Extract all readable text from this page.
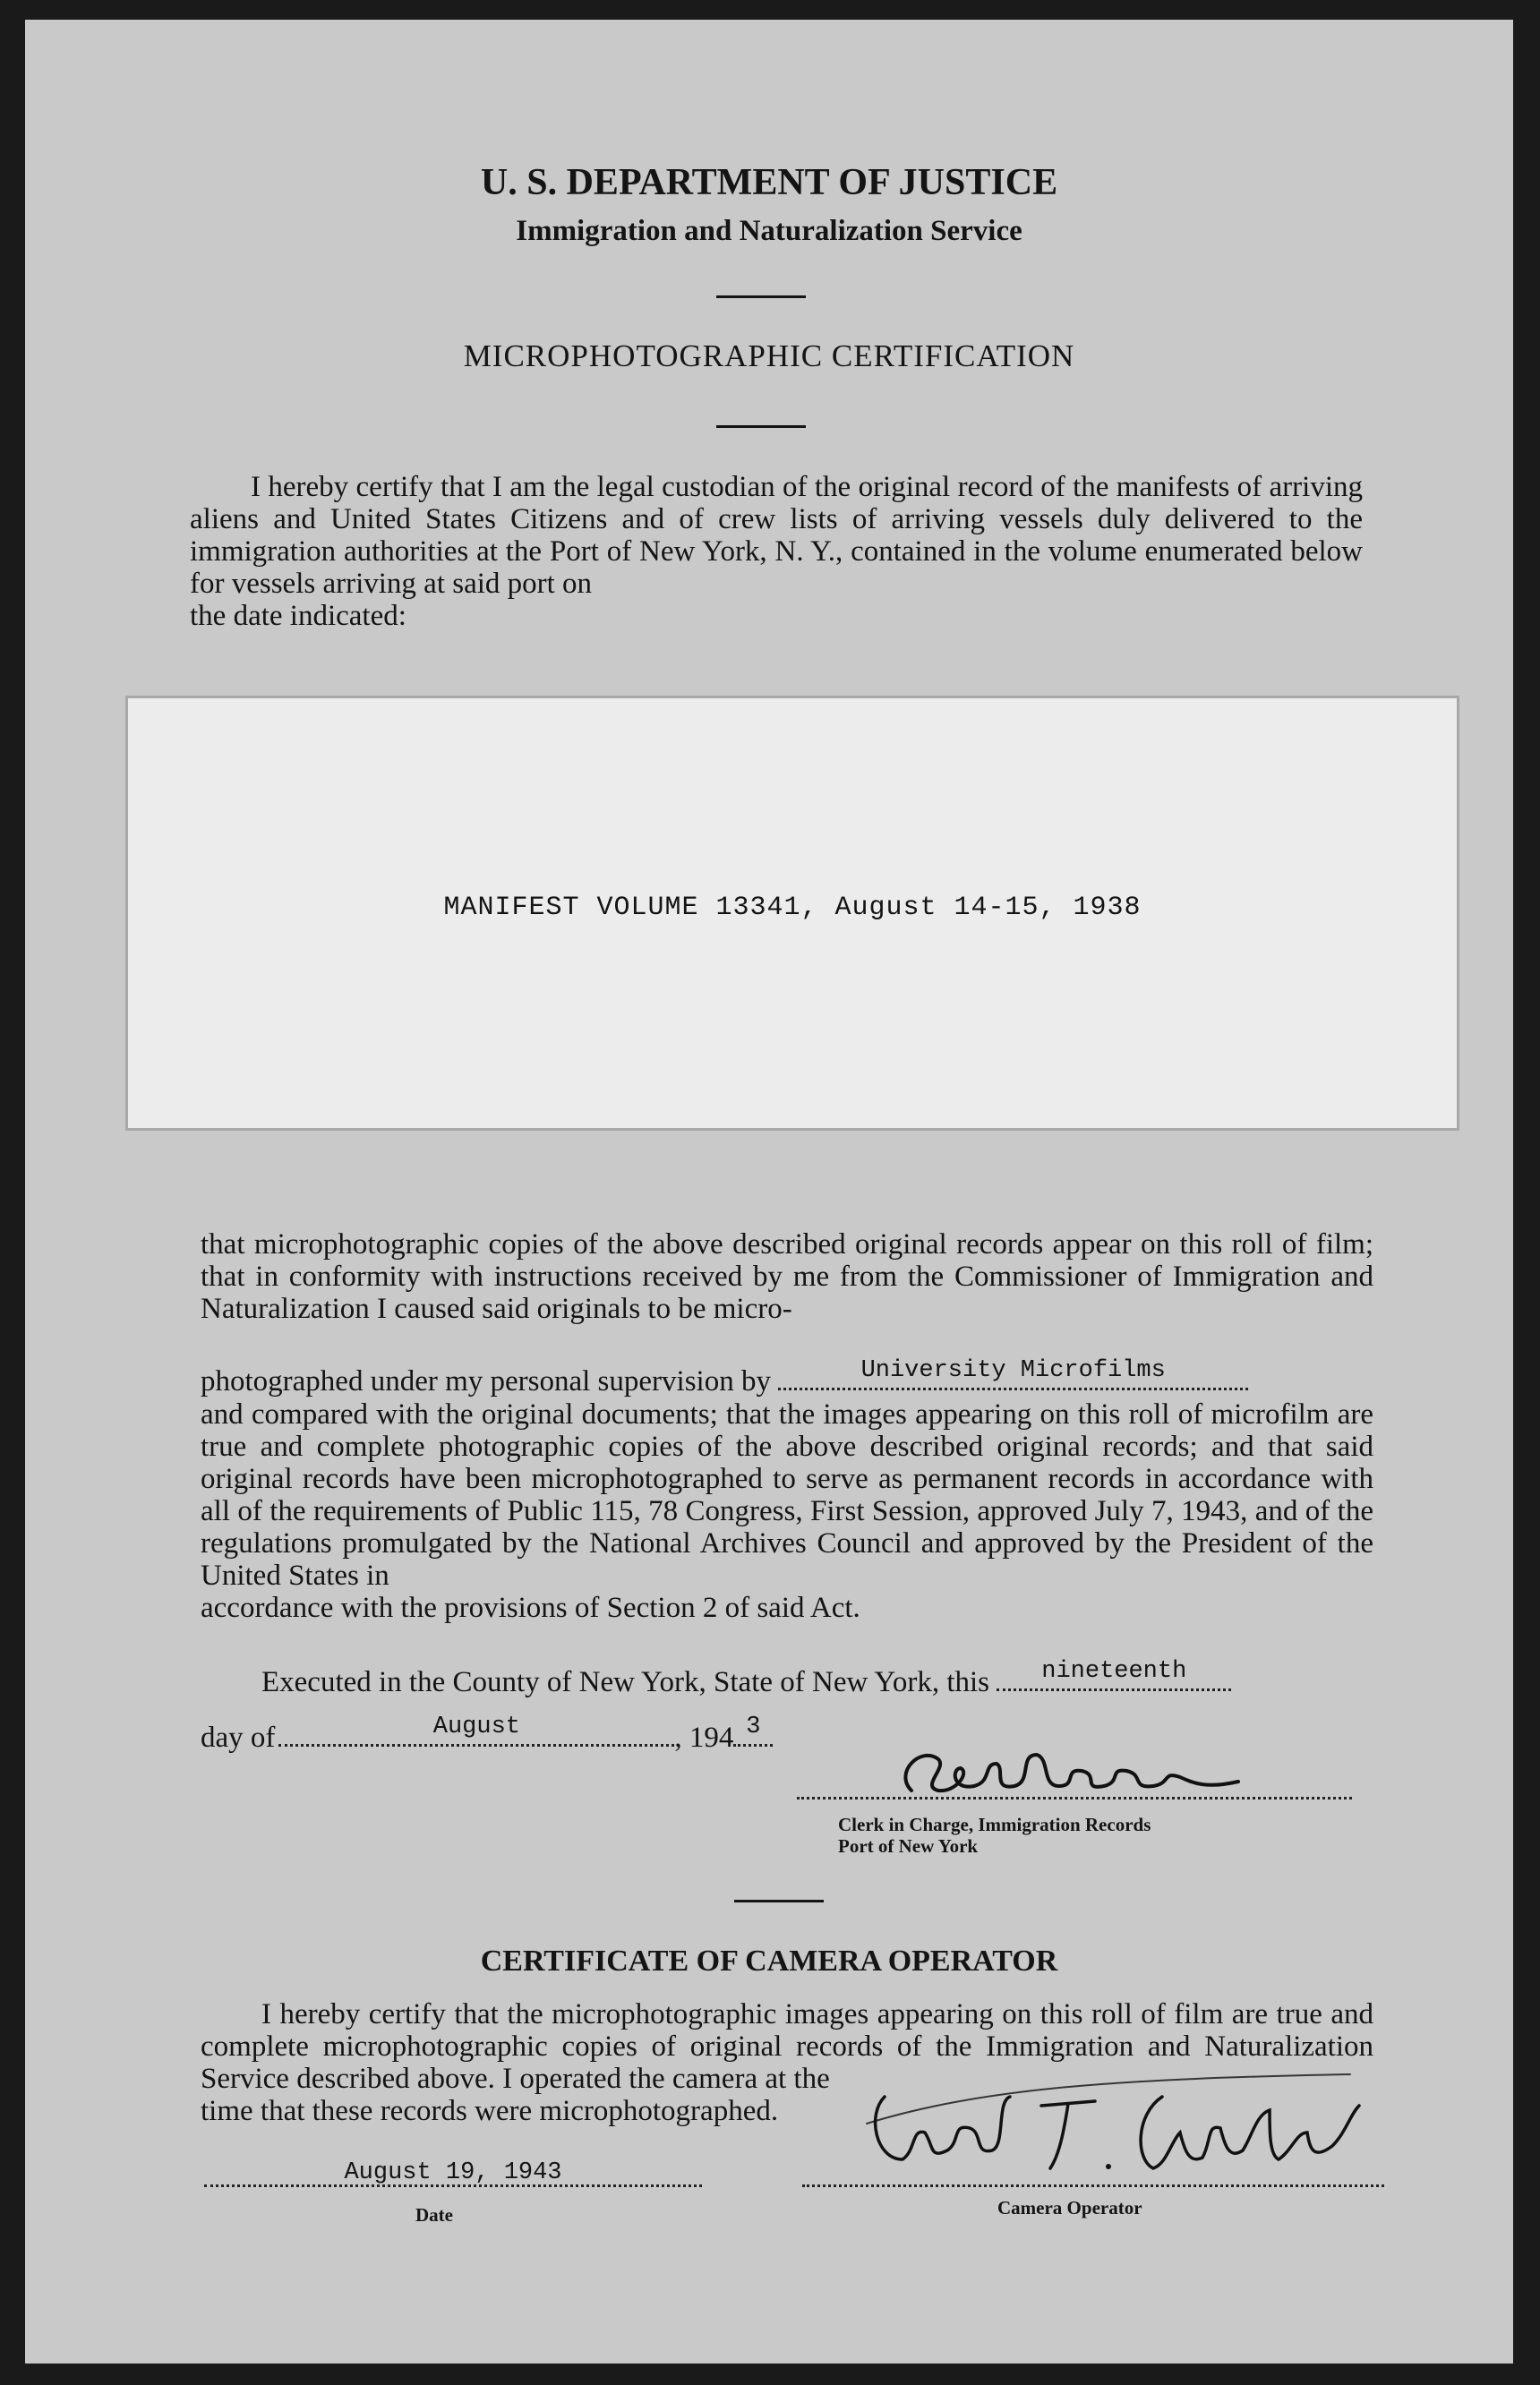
U. S. DEPARTMENT OF JUSTICE
Immigration and Naturalization Service
MICROPHOTOGRAPHIC CERTIFICATION
I hereby certify that I am the legal custodian of the original record of the manifests of arriving aliens and United States Citizens and of crew lists of arriving vessels duly delivered to the immigration authorities at the Port of New York, N. Y., contained in the volume enumerated below for vessels arriving at said port on
the date indicated:
MANIFEST VOLUME 13341, August 14-15, 1938
that microphotographic copies of the above described original records appear on this roll of film; that in conformity with instructions received by me from the Commissioner of Immigration and Naturalization I caused said originals to be micro-
photographed under my personal supervision by	University Microfilms
and compared with the original documents; that the images appearing on this roll of microfilm are true and complete photographic copies of the above described original records; and that said original records have been microphotographed to serve as permanent records in accordance with all of the requirements of Public 115, 78 Congress, First Session, approved July 7, 1943, and of the regulations promulgated by the National Archives Council and approved by the President of the United States in
accordance with the provisions of Section 2 of said Act.
Executed in the County of New York, State of New York, this	nineteenth
day of	August	, 194 3
Clerk in Charge, Immigration Records
Port of New York
CERTIFICATE OF CAMERA OPERATOR
I hereby certify that the microphotographic images appearing on this roll of film are true and complete microphotographic copies of original records of the Immigration and Naturalization Service described above. I operated the camera at the
time that these records were microphotographed.
August 19, 1943
Date	Camera Operator
